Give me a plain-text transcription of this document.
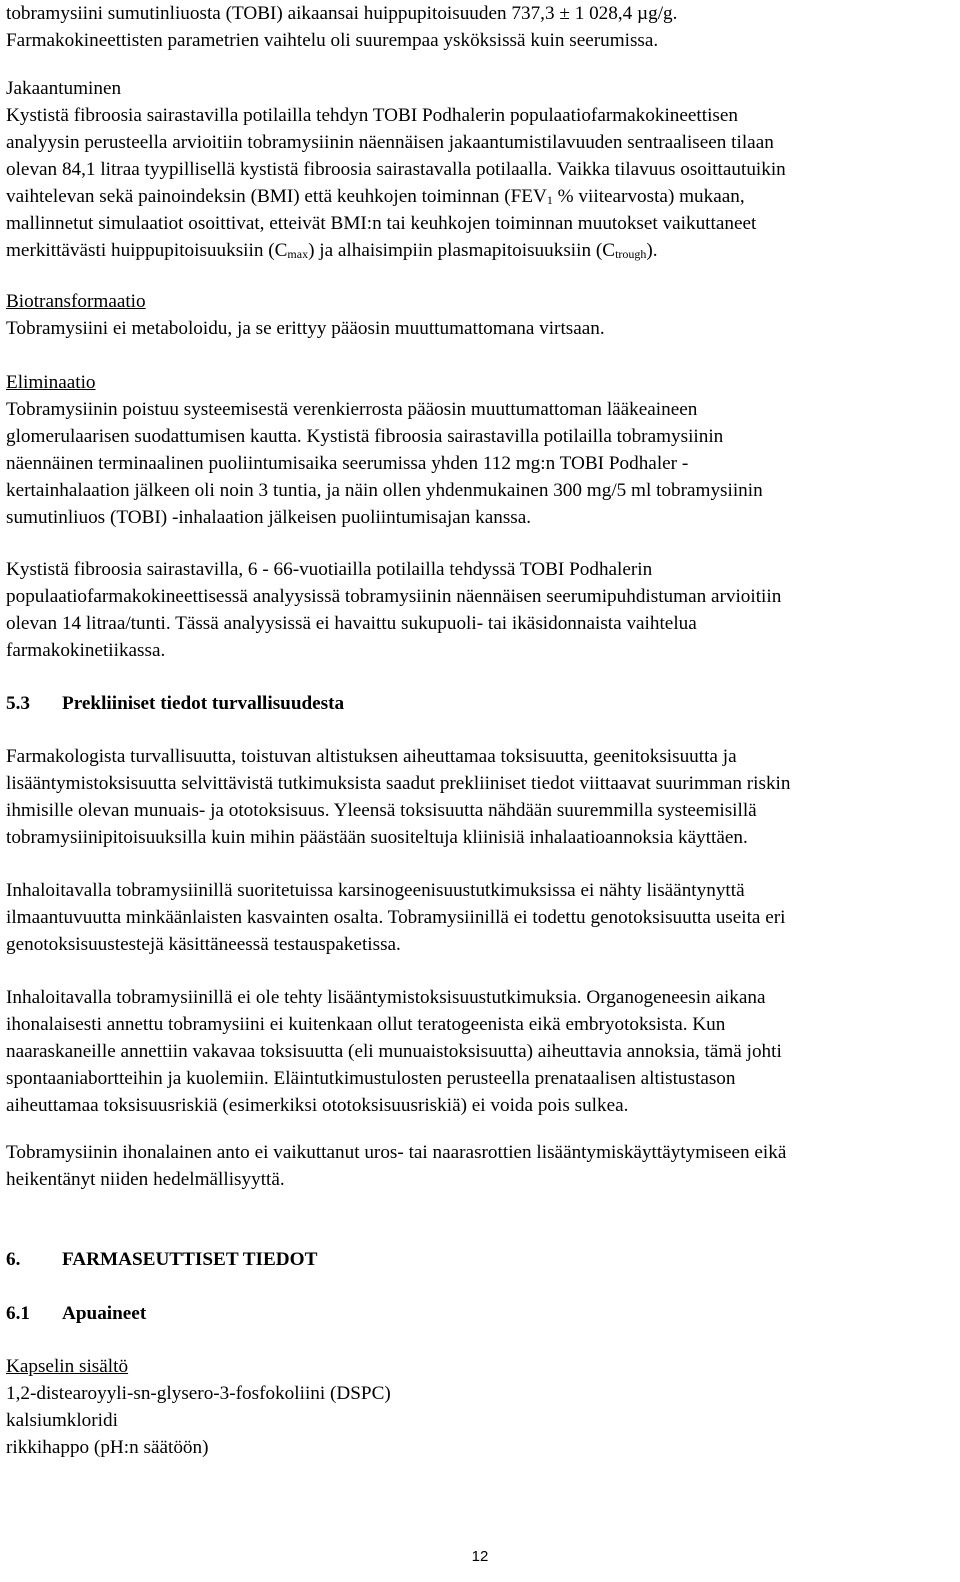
tobramysiini sumutinliuostа (TOBI) aikaansai huippupitoisuuden 737,3 ± 1 028,4 µg/g.
Farmakokineettisten parametrien vaihtelu oli suurempaa ysköksissä kuin seerumissa.
Jakaantuminen
Kystistä fibroosia sairastavilla potilailla tehdyn TOBI Podhalerin populaatiofarmakokineettisen
analyysin perusteella arvioitiin tobramysiinin näennäisen jakaantumistilavuuden sentraaliseen tilaan
olevan 84,1 litraa tyypillisellä kystistä fibroosia sairastavalla potilaalla. Vaikka tilavuus osoittautuikin
vaihtelevan sekä painoindeksin (BMI) että keuhkojen toiminnan (FEV1 % viitearvosta) mukaan,
mallinnetut simulaatiot osoittivat, etteivät BMI:n tai keuhkojen toiminnan muutokset vaikuttaneet
merkittävästi huippupitoisuuksiin (Cmax) ja alhaisimpiin plasmapitoisuuksiin (Ctrough).
Biotransformaatio
Tobramysiini ei metaboloidu, ja se erittyy pääosin muuttumattomana virtsaan.
Eliminaatio
Tobramysiinin poistuu systeemisestä verenkierrosta pääosin muuttumattoman lääkeaineen
glomerulaarisen suodattumisen kautta. Kystistä fibroosia sairastavilla potilailla tobramysiinin
näennäinen terminaalinen puoliintumisaika seerumissa yhden 112 mg:n TOBI Podhaler -
kertainhalaation jälkeen oli noin 3 tuntia, ja näin ollen yhdenmukainen 300 mg/5 ml tobramysiinin
sumutinliuos (TOBI) -inhalaation jälkeisen puoliintumisajan kanssa.
Kystistä fibroosia sairastavilla, 6 - 66-vuotiailla potilailla tehdyssä TOBI Podhalerin
populaatiofarmakokineettisessä analyysissä tobramysiinin näennäisen seerumipuhdistuman arvioitiin
olevan 14 litraa/tunti. Tässä analyysissä ei havaittu sukupuoli- tai ikäsidonnaista vaihtelua
farmakokinetiikassa.
5.3 Prekliiniset tiedot turvallisuudesta
Farmakologista turvallisuutta, toistuvan altistuksen aiheuttamaa toksisuutta, geenitoksisuutta ja
lisääntymistoksisuutta selvittävistä tutkimuksista saadut prekliiniset tiedot viittaavat suurimman riskin
ihmisille olevan munuais- ja ototoksisuus. Yleensä toksisuutta nähdään suuremmilla systeemisillä
tobramysiinipitoisuuksilla kuin mihin päästään suositeltuja kliinisiä inhalaatioannoksia käyttäen.
Inhaloitavalla tobramysiinillä suoritetuissa karsinogeenisuustutkimuksissa ei nähty lisääntynyttä
ilmaantuvuutta minkäänlaisten kasvainten osalta. Tobramysiinillä ei todettu genotoksisuutta useita eri
genotoksisuustestejä käsittäneessä testauspaketissa.
Inhaloitavalla tobramysiinillä ei ole tehty lisääntymistoksisuustutkimuksia. Organogeneesin aikana
ihonalaisesti annettu tobramysiini ei kuitenkaan ollut teratogeenista eikä embryotoksista. Kun
naaraskaneille annettiin vakavaa toksisuutta (eli munuaistoksisuutta) aiheuttavia annoksia, tämä johti
spontaaniabortteihin ja kuolemiin. Eläintutkimustulosten perusteella prenataalisen altistustason
aiheuttamaa toksisuusriskiä (esimerkiksi ototoksisuusriskiä) ei voida pois sulkea.
Tobramysiinin ihonalainen anto ei vaikuttanut uros- tai naarasrottien lisääntymiskäyttäytymiseen eikä
heikentänyt niiden hedelmällisyyttä.
6. FARMASEUTTISET TIEDOT
6.1 Apuaineet
Kapselin sisältö
1,2-distearoyyli-sn-glysero-3-fosfokoliini (DSPC)
kalsiumkloridi
rikkihappo (pH:n säätöön)
12
